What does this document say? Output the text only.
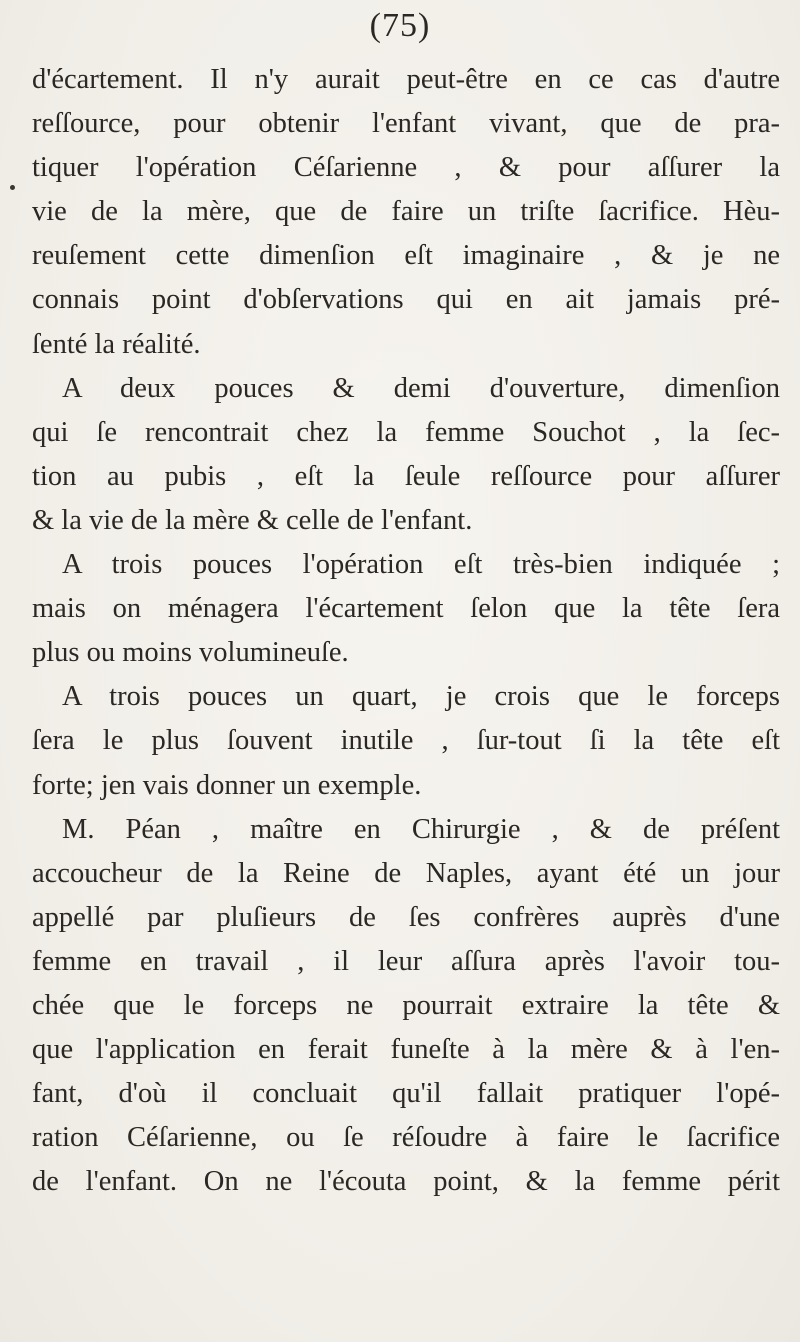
(75)
d'écartement. Il n'y aurait peut-être en ce cas d'autre
reſſource, pour obtenir l'enfant vivant, que de pra-
tiquer l'opération Céſarienne , & pour aſſurer la
vie de la mère, que de faire un triſte ſacrifice. Hèu-
reuſement cette dimenſion eſt imaginaire , & je ne
connais point d'obſervations qui en ait jamais pré-
ſenté la réalité.
A deux pouces & demi d'ouverture, dimenſion
qui ſe rencontrait chez la femme Souchot , la ſec-
tion au pubis , eſt la ſeule reſſource pour aſſurer
& la vie de la mère & celle de l'enfant.
A trois pouces l'opération eſt très-bien indiquée ;
mais on ménagera l'écartement ſelon que la tête ſera
plus ou moins volumineuſe.
A trois pouces un quart, je crois que le forceps
ſera le plus ſouvent inutile , ſur-tout ſi la tête eſt
forte; jen vais donner un exemple.
M. Péan , maître en Chirurgie , & de préſent
accoucheur de la Reine de Naples, ayant été un jour
appellé par pluſieurs de ſes confrères auprès d'une
femme en travail , il leur aſſura après l'avoir tou-
chée que le forceps ne pourrait extraire la tête &
que l'application en ferait funeſte à la mère & à l'en-
fant, d'où il concluait qu'il fallait pratiquer l'opé-
ration Céſarienne, ou ſe réſoudre à faire le ſacrifice
de l'enfant. On ne l'écouta point, & la femme périt
